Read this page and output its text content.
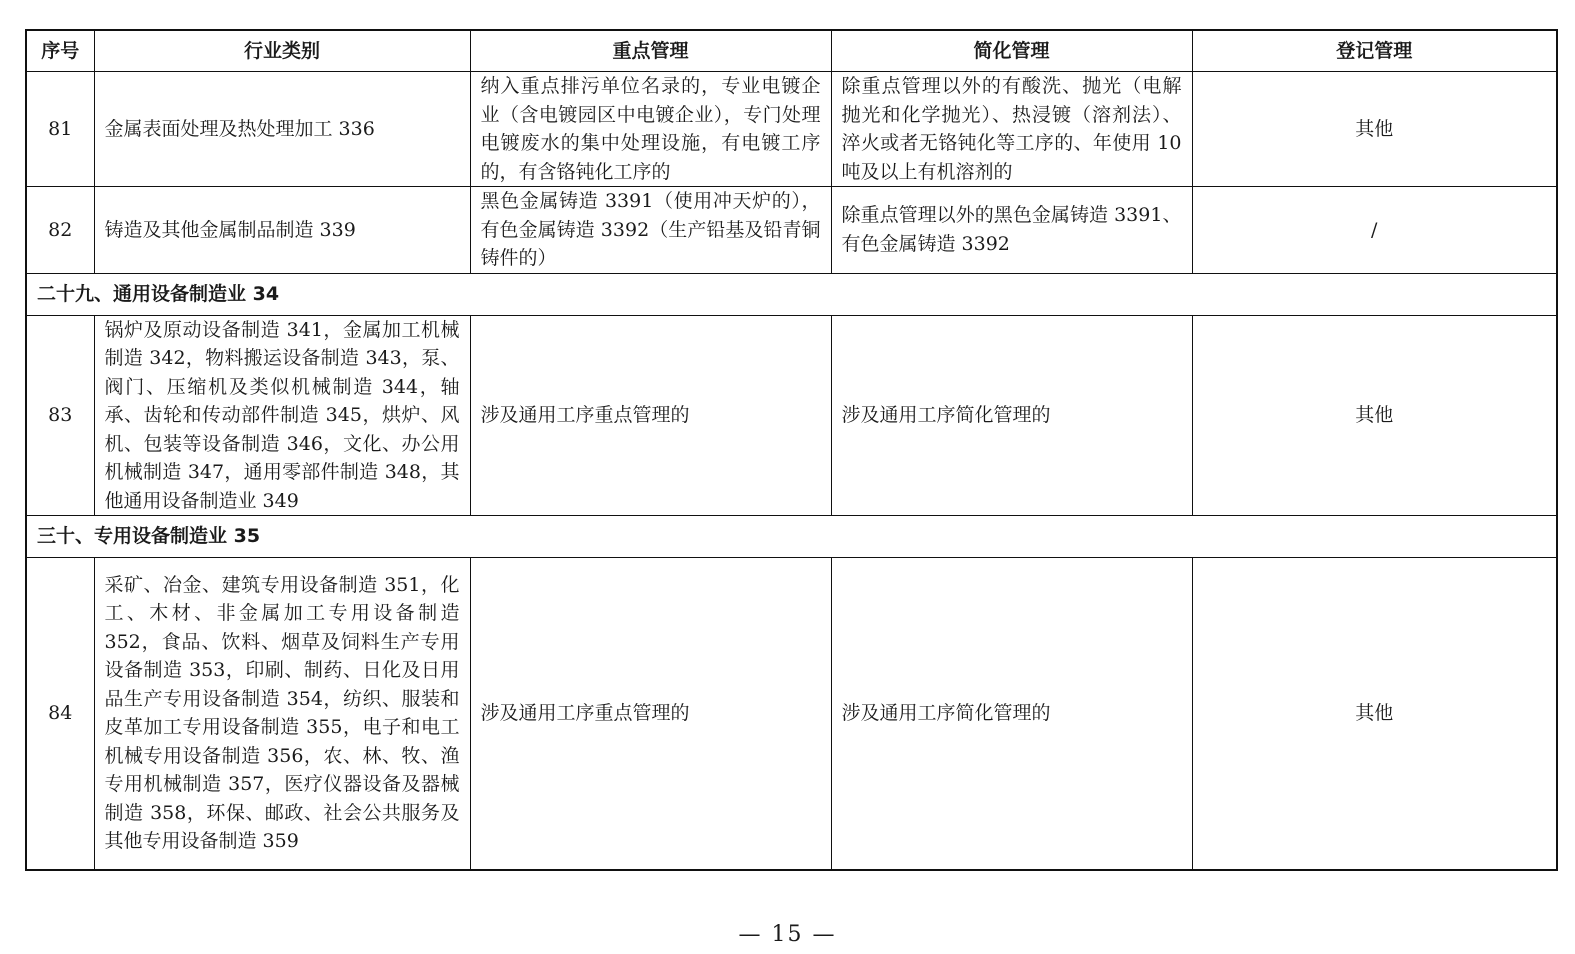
序号	行业类别	重点管理	简化管理	登记管理
81	金属表面处理及热处理加工 336	纳入重点排污单位名录的，专业电镀企业（含电镀园区中电镀企业），专门处理电镀废水的集中处理设施，有电镀工序的，有含铬钝化工序的	除重点管理以外的有酸洗、抛光（电解抛光和化学抛光）、热浸镀（溶剂法）、淬火或者无铬钝化等工序的、年使用 10 吨及以上有机溶剂的	其他
82	铸造及其他金属制品制造 339	黑色金属铸造 3391（使用冲天炉的），有色金属铸造 3392（生产铅基及铅青铜铸件的）	除重点管理以外的黑色金属铸造 3391、有色金属铸造 3392	/
二十九、通用设备制造业 34				
83	锅炉及原动设备制造 341，金属加工机械制造 342，物料搬运设备制造 343，泵、阀门、压缩机及类似机械制造 344，轴承、齿轮和传动部件制造 345，烘炉、风机、包装等设备制造 346，文化、办公用机械制造 347，通用零部件制造 348，其他通用设备制造业 349	涉及通用工序重点管理的	涉及通用工序简化管理的	其他
三十、专用设备制造业 35				
84	采矿、冶金、建筑专用设备制造 351，化工、木材、非金属加工专用设备制造 352，食品、饮料、烟草及饲料生产专用设备制造 353，印刷、制药、日化及日用品生产专用设备制造 354，纺织、服装和皮革加工专用设备制造 355，电子和电工机械专用设备制造 356，农、林、牧、渔专用机械制造 357，医疗仪器设备及器械制造 358，环保、邮政、社会公共服务及其他专用设备制造 359	涉及通用工序重点管理的	涉及通用工序简化管理的	其他
— 15 —
